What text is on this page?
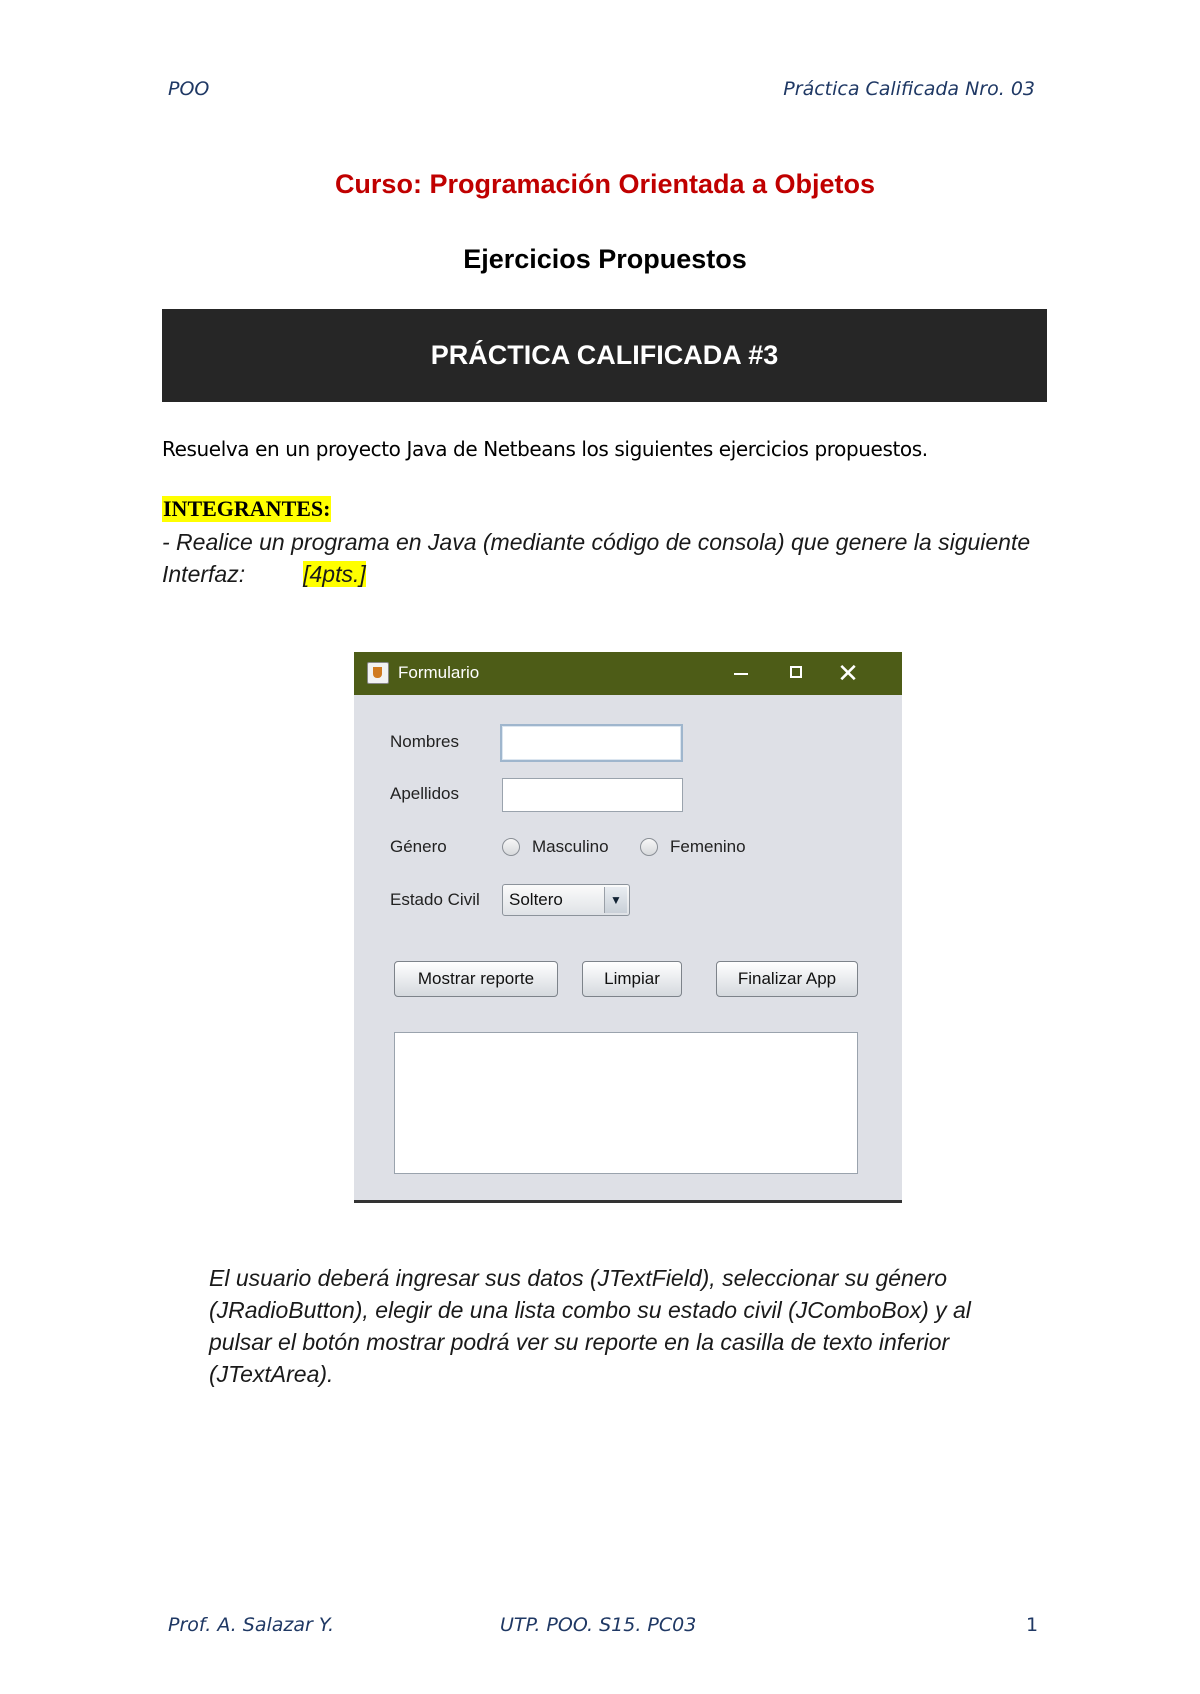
POO	Práctica Calificada Nro. 03
Curso: Programación Orientada a Objetos
Ejercicios Propuestos
PRÁCTICA CALIFICADA #3
Resuelva en un proyecto Java de Netbeans los siguientes ejercicios propuestos.
INTEGRANTES:
- Realice un programa en Java (mediante código de consola) que genere la siguiente
Interfaz:	[4pts.]
Formulario	✕
Nombres
Apellidos
Género	Masculino	Femenino
Estado Civil Soltero	▼
Mostrar reporte	Limpiar	Finalizar App
El usuario deberá ingresar sus datos (JTextField), seleccionar su género
(JRadioButton), elegir de una lista combo su estado civil (JComboBox) y al
pulsar el botón mostrar podrá ver su reporte en la casilla de texto inferior
(JTextArea).
Prof. A. Salazar Y.	UTP. POO. S15. PC03	1
